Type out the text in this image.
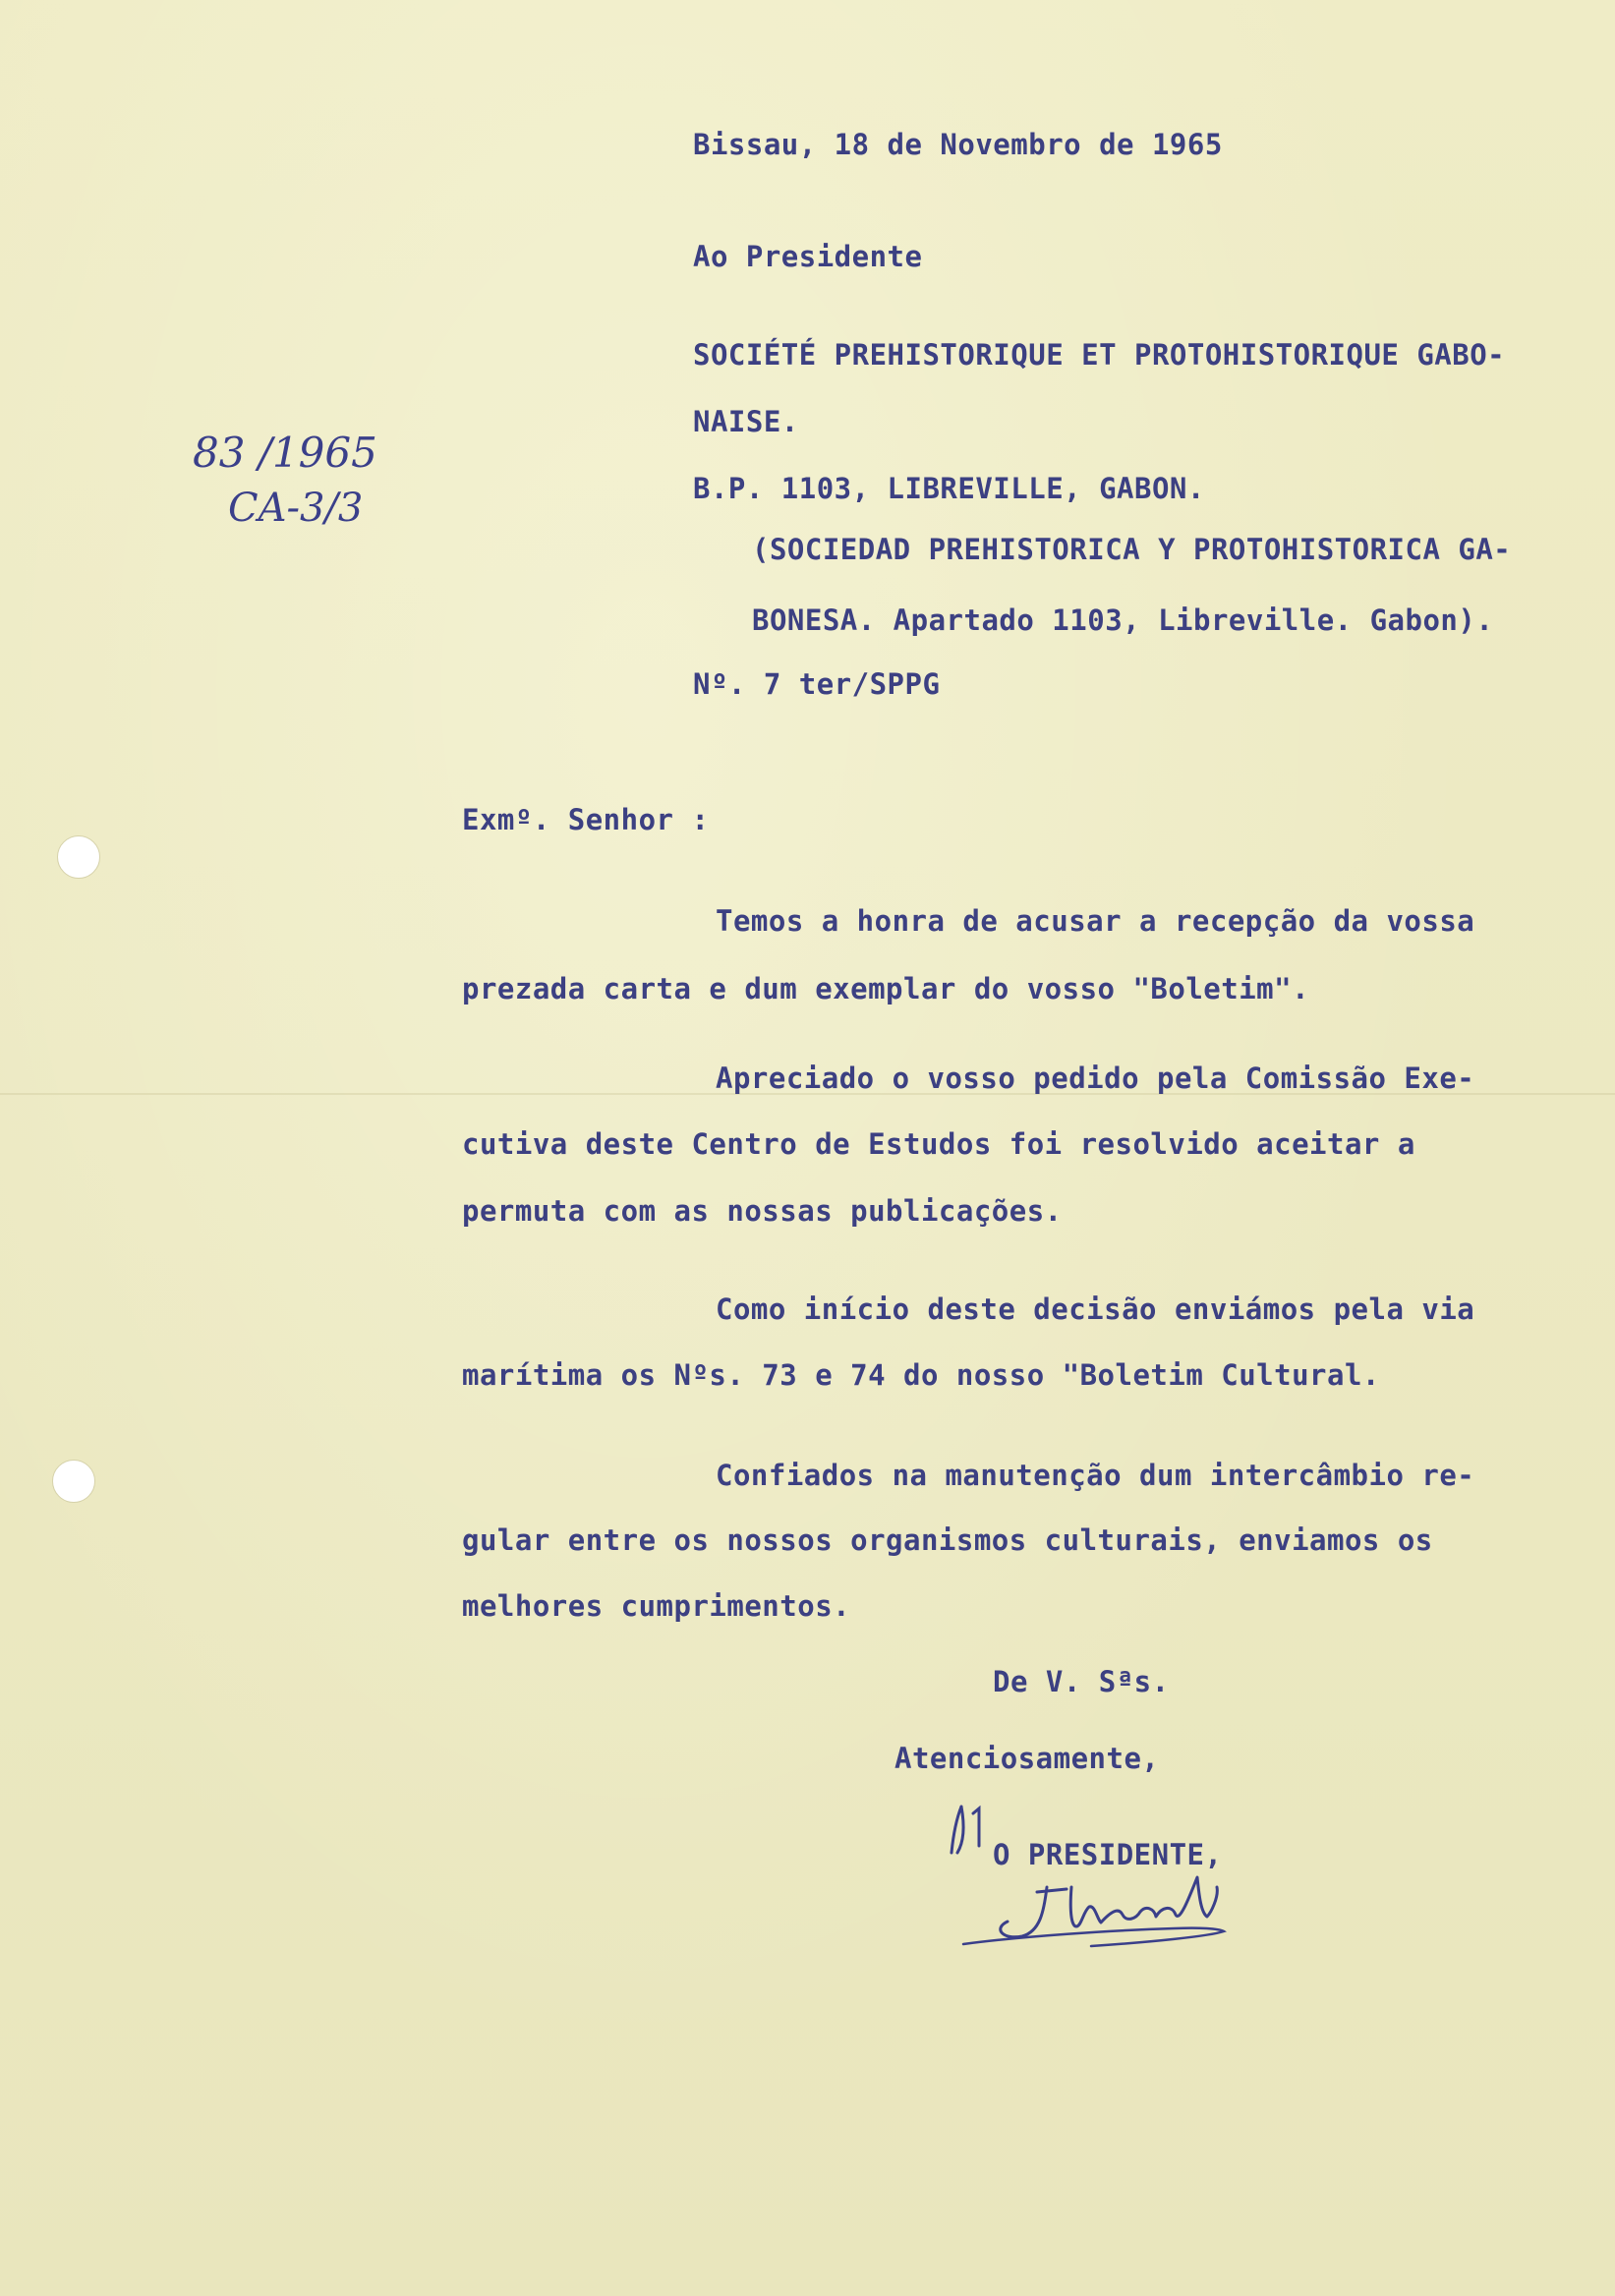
83 /1965
CA-3/3
Bissau, 18 de Novembro de 1965
Ao Presidente
SOCIÉTÉ PREHISTORIQUE ET PROTOHISTORIQUE GABO-
NAISE.
B.P. 1103, LIBREVILLE, GABON.
(SOCIEDAD PREHISTORICA Y PROTOHISTORICA GA-
BONESA. Apartado 1103, Libreville. Gabon).
Nº. 7 ter/SPPG
Exmº. Senhor :
Temos a honra de acusar a recepção da vossa
prezada carta e dum exemplar do vosso "Boletim".
Apreciado o vosso pedido pela Comissão Exe-
cutiva deste Centro de Estudos foi resolvido aceitar a
permuta com as nossas publicações.
Como início deste decisão enviámos pela via
marítima os Nºs. 73 e 74 do nosso "Boletim Cultural.
Confiados na manutenção dum intercâmbio re-
gular entre os nossos organismos culturais, enviamos os
melhores cumprimentos.
De V. Sªs.
Atenciosamente,
O PRESIDENTE,
